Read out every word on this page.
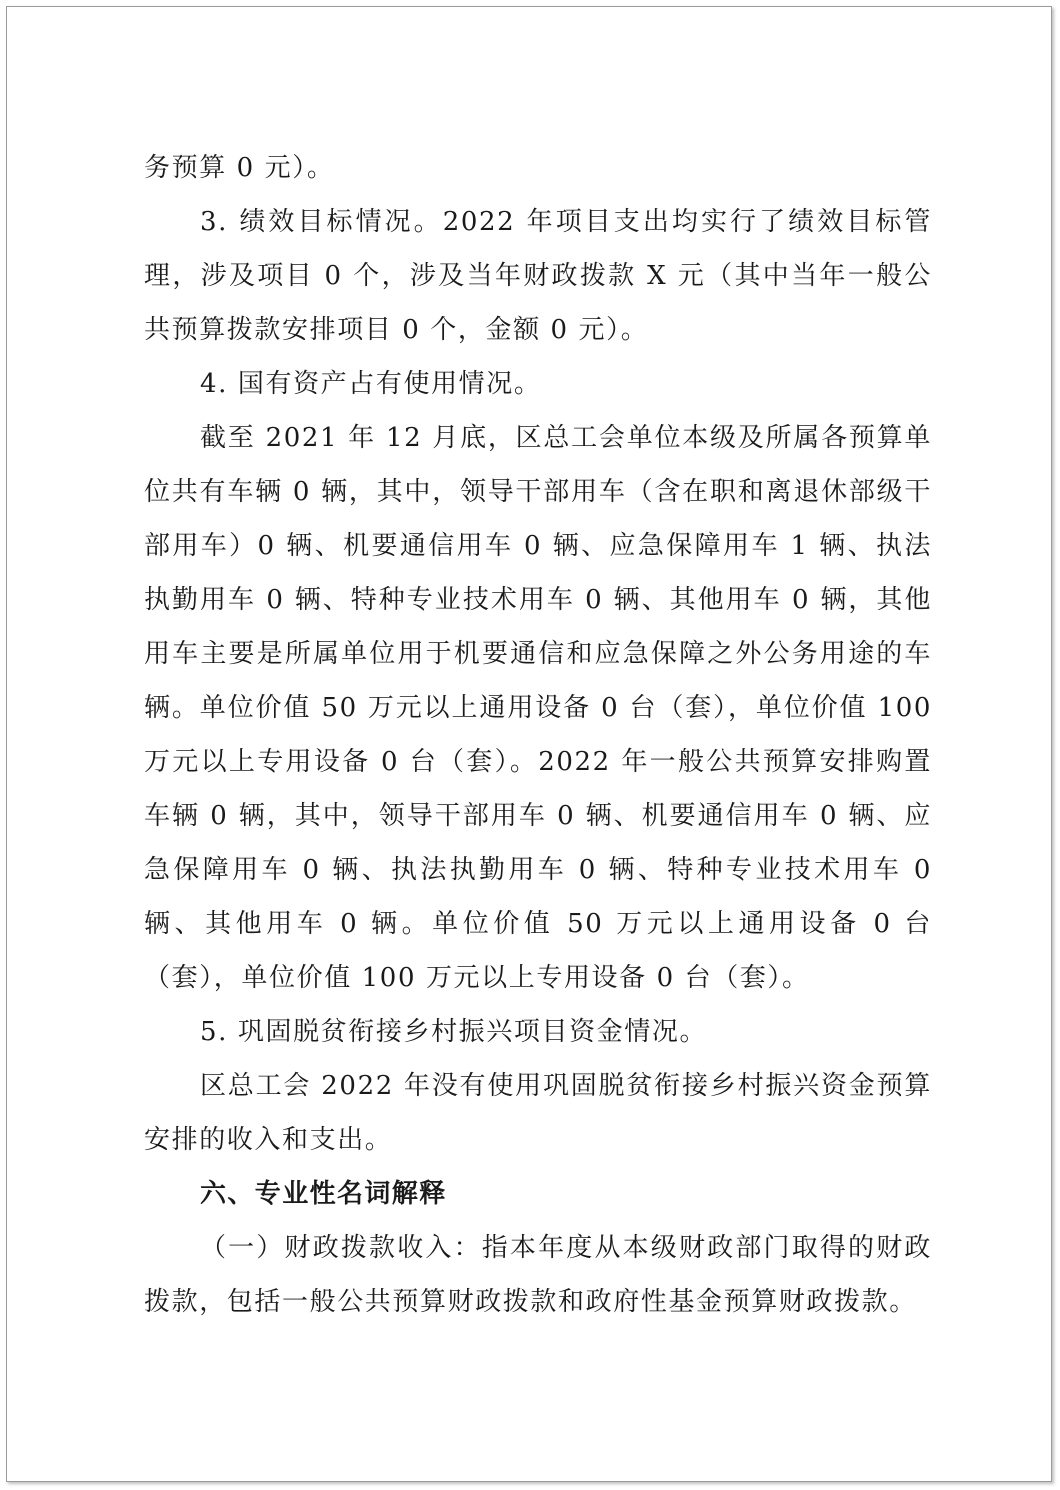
务预算 0 元）。

3. 绩效目标情况。2022 年项目支出均实行了绩效目标管理，涉及项目 0 个，涉及当年财政拨款 X 元（其中当年一般公共预算拨款安排项目 0 个，金额 0 元）。

4. 国有资产占有使用情况。

截至 2021 年 12 月底，区总工会单位本级及所属各预算单位共有车辆 0 辆，其中，领导干部用车（含在职和离退休部级干部用车）0 辆、机要通信用车 0 辆、应急保障用车 1 辆、执法执勤用车 0 辆、特种专业技术用车 0 辆、其他用车 0 辆，其他用车主要是所属单位用于机要通信和应急保障之外公务用途的车辆。单位价值 50 万元以上通用设备 0 台（套），单位价值 100 万元以上专用设备 0 台（套）。2022 年一般公共预算安排购置车辆 0 辆，其中，领导干部用车 0 辆、机要通信用车 0 辆、应急保障用车 0 辆、执法执勤用车 0 辆、特种专业技术用车 0 辆、其他用车 0 辆。单位价值 50 万元以上通用设备 0 台（套），单位价值 100 万元以上专用设备 0 台（套）。

5. 巩固脱贫衔接乡村振兴项目资金情况。

区总工会 2022 年没有使用巩固脱贫衔接乡村振兴资金预算安排的收入和支出。

六、专业性名词解释

（一）财政拨款收入：指本年度从本级财政部门取得的财政拨款，包括一般公共预算财政拨款和政府性基金预算财政拨款。
